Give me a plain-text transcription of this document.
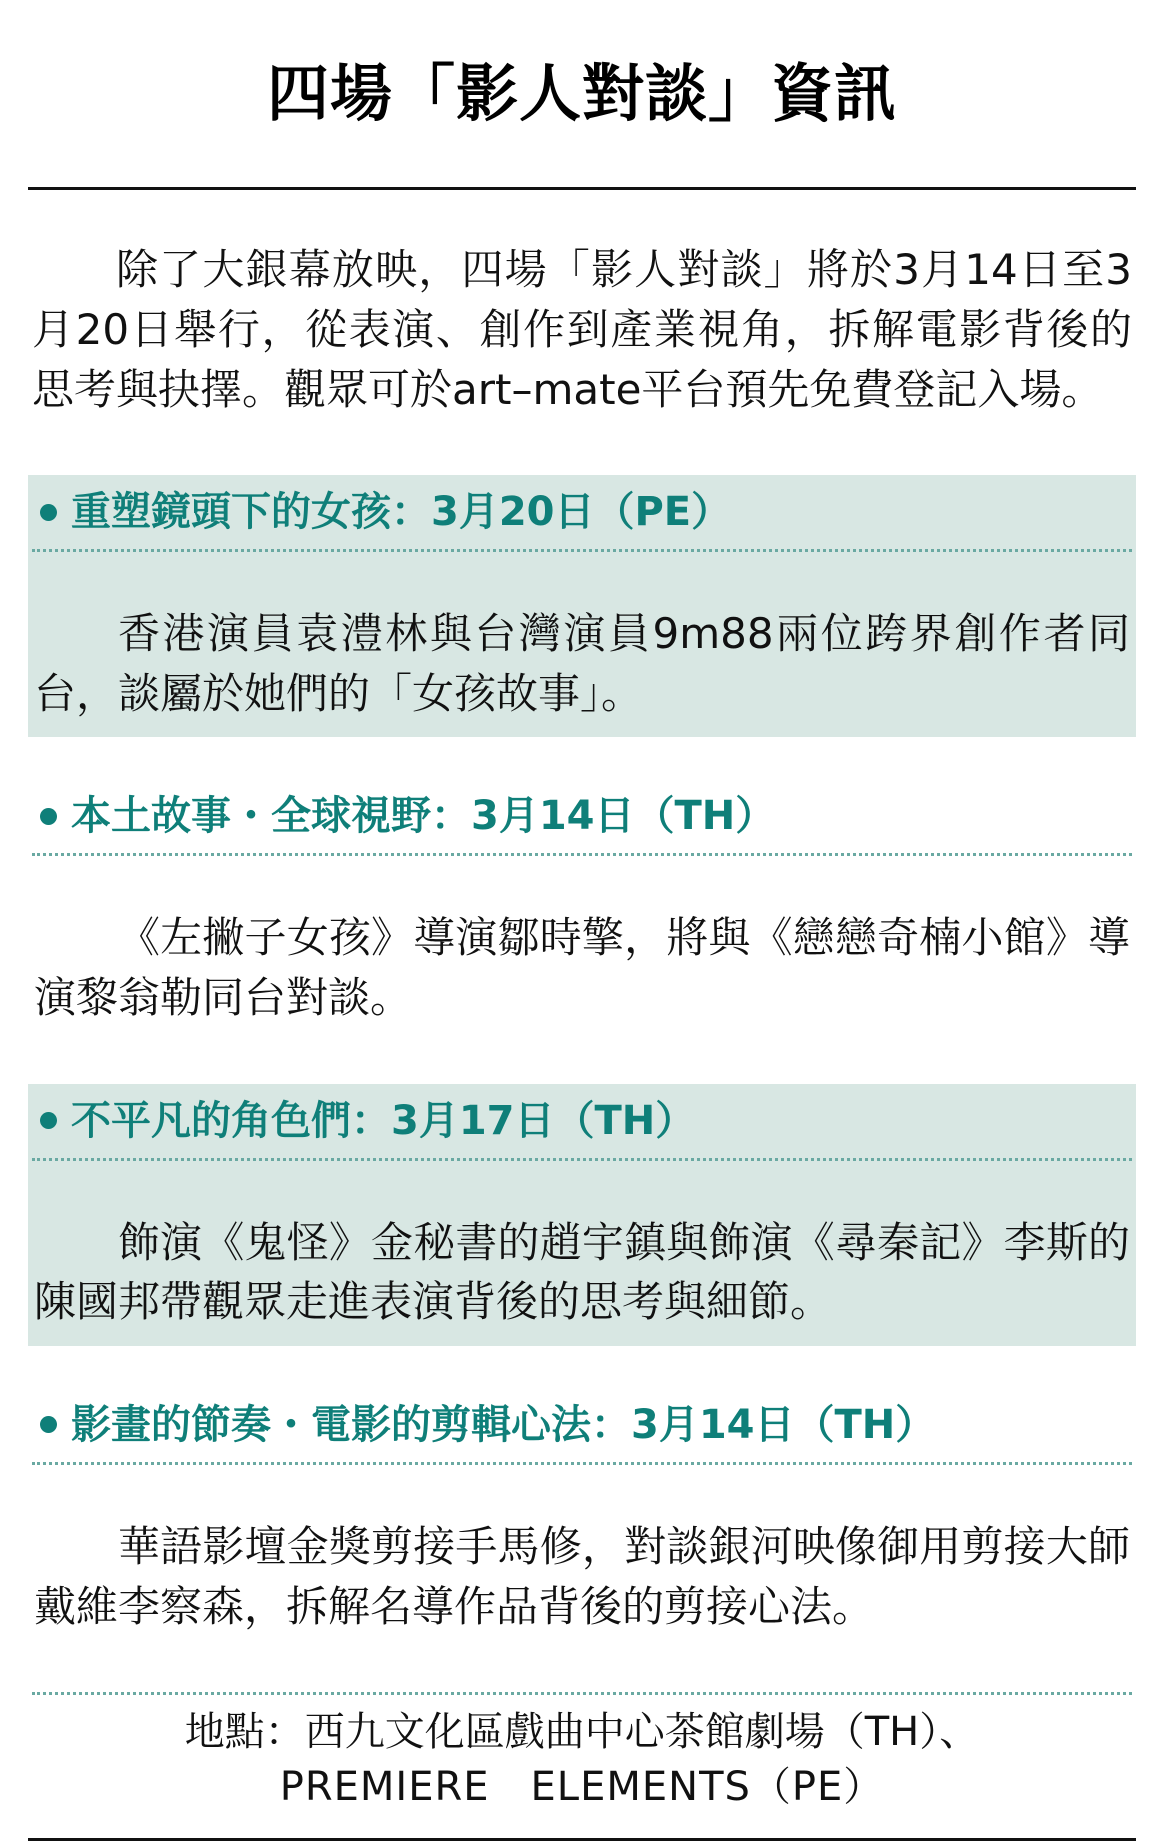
四場「影人對談」資訊

除了大銀幕放映，四場「影人對談」將於3月14日至3月20日舉行，從表演、創作到產業視角，拆解電影背後的思考與抉擇。觀眾可於art–mate平台預先免費登記入場。

重塑鏡頭下的女孩：3月20日（PE）

香港演員袁澧林與台灣演員9m88兩位跨界創作者同台，談屬於她們的「女孩故事」。

本土故事・全球視野：3月14日（TH）

《左撇子女孩》導演鄒時擎，將與《戀戀奇楠小館》導演黎翁勒同台對談。

不平凡的角色們：3月17日（TH）

飾演《鬼怪》金秘書的趙宇鎮與飾演《尋秦記》李斯的陳國邦帶觀眾走進表演背後的思考與細節。

影畫的節奏・電影的剪輯心法：3月14日（TH）

華語影壇金獎剪接手馬修，對談銀河映像御用剪接大師戴維李察森，拆解名導作品背後的剪接心法。

地點：西九文化區戲曲中心茶館劇場（TH）、
PREMIERE　ELEMENTS（PE）
